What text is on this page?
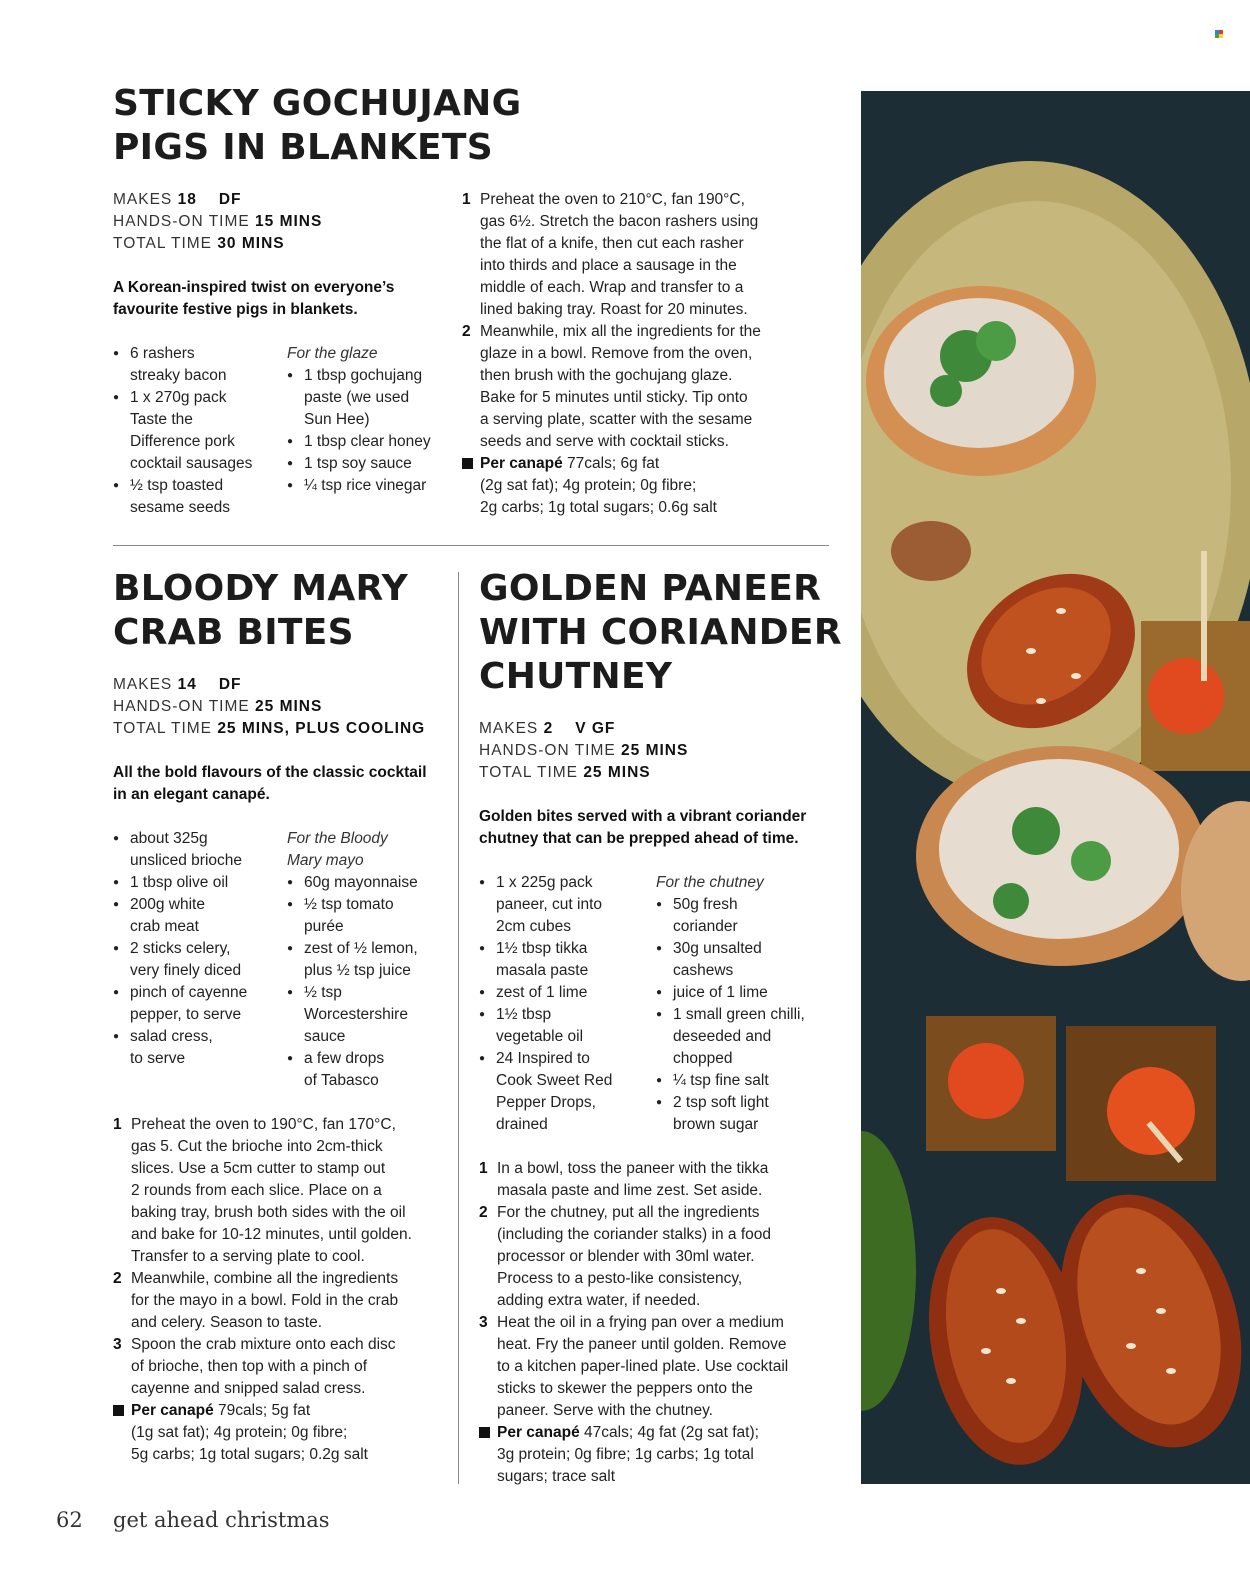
STICKY GOCHUJANG
PIGS IN BLANKETS
MAKES 18 DF
HANDS-ON TIME 15 MINS
TOTAL TIME 30 MINS
A Korean-inspired twist on everyone’s
favourite festive pigs in blankets.
● 6 rashers
streaky bacon
● 1 x 270g pack
Taste the
Difference pork
cocktail sausages
● ½ tsp toasted
sesame seeds
For the glaze
● 1 tbsp gochujang
paste (we used
Sun Hee)
● 1 tbsp clear honey
● 1 tsp soy sauce
● ¼ tsp rice vinegar
1 Preheat the oven to 210°C, fan 190°C,
gas 6½. Stretch the bacon rashers using
the flat of a knife, then cut each rasher
into thirds and place a sausage in the
middle of each. Wrap and transfer to a
lined baking tray. Roast for 20 minutes.
2 Meanwhile, mix all the ingredients for the
glaze in a bowl. Remove from the oven,
then brush with the gochujang glaze.
Bake for 5 minutes until sticky. Tip onto
a serving plate, scatter with the sesame
seeds and serve with cocktail sticks.
Per canapé 77cals; 6g fat
(2g sat fat); 4g protein; 0g fibre;
2g carbs; 1g total sugars; 0.6g salt
BLOODY MARY
CRAB BITES
MAKES 14 DF
HANDS-ON TIME 25 MINS
TOTAL TIME 25 MINS, PLUS COOLING
All the bold flavours of the classic cocktail
in an elegant canapé.
● about 325g
unsliced brioche
● 1 tbsp olive oil
● 200g white
crab meat
● 2 sticks celery,
very finely diced
● pinch of cayenne
pepper, to serve
● salad cress,
to serve
For the Bloody
Mary mayo
● 60g mayonnaise
● ½ tsp tomato
purée
● zest of ½ lemon,
plus ½ tsp juice
● ½ tsp
Worcestershire
sauce
● a few drops
of Tabasco
1 Preheat the oven to 190°C, fan 170°C,
gas 5. Cut the brioche into 2cm-thick
slices. Use a 5cm cutter to stamp out
2 rounds from each slice. Place on a
baking tray, brush both sides with the oil
and bake for 10-12 minutes, until golden.
Transfer to a serving plate to cool.
2 Meanwhile, combine all the ingredients
for the mayo in a bowl. Fold in the crab
and celery. Season to taste.
3 Spoon the crab mixture onto each disc
of brioche, then top with a pinch of
cayenne and snipped salad cress.
Per canapé 79cals; 5g fat
(1g sat fat); 4g protein; 0g fibre;
5g carbs; 1g total sugars; 0.2g salt
GOLDEN PANEER
WITH CORIANDER
CHUTNEY
MAKES 2 V GF
HANDS-ON TIME 25 MINS
TOTAL TIME 25 MINS
Golden bites served with a vibrant coriander
chutney that can be prepped ahead of time.
● 1 x 225g pack
paneer, cut into
2cm cubes
● 1½ tbsp tikka
masala paste
● zest of 1 lime
● 1½ tbsp
vegetable oil
● 24 Inspired to
Cook Sweet Red
Pepper Drops,
drained
For the chutney
● 50g fresh
coriander
● 30g unsalted
cashews
● juice of 1 lime
● 1 small green chilli,
deseeded and
chopped
● ¼ tsp fine salt
● 2 tsp soft light
brown sugar
1 In a bowl, toss the paneer with the tikka
masala paste and lime zest. Set aside.
2 For the chutney, put all the ingredients
(including the coriander stalks) in a food
processor or blender with 30ml water.
Process to a pesto-like consistency,
adding extra water, if needed.
3 Heat the oil in a frying pan over a medium
heat. Fry the paneer until golden. Remove
to a kitchen paper-lined plate. Use cocktail
sticks to skewer the peppers onto the
paneer. Serve with the chutney.
Per canapé 47cals; 4g fat (2g sat fat);
3g protein; 0g fibre; 1g carbs; 1g total
sugars; trace salt
62 get ahead christmas
